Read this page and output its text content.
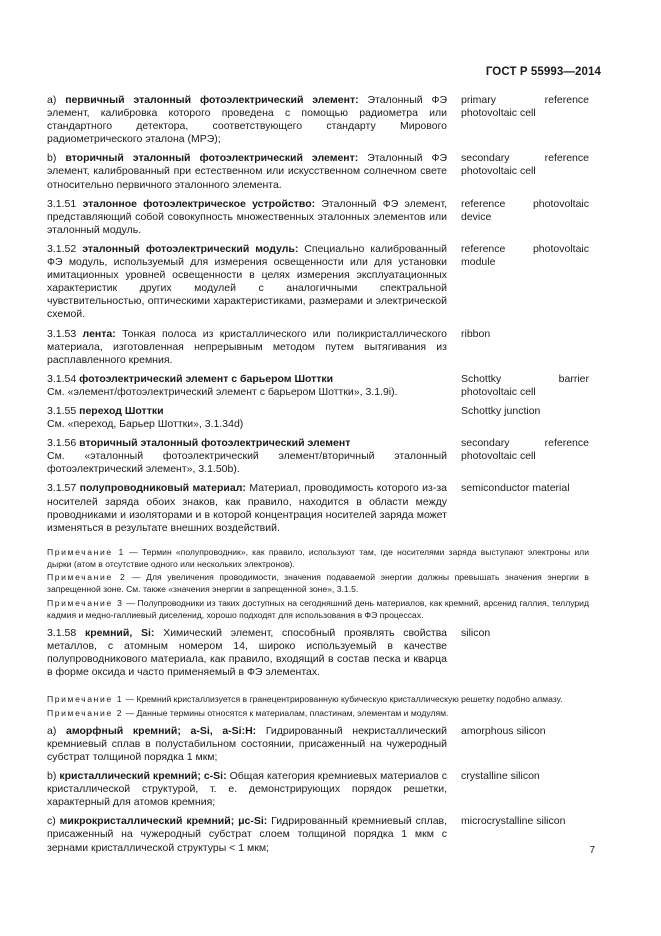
ГОСТ Р 55993—2014
а) первичный эталонный фотоэлектрический элемент: Эталонный ФЭ элемент, калибровка которого проведена с помощью радиометра или стандартного детектора, соответствующего стандарту Мирового радиометрического эталона (МРЭ);
primary reference photovoltaic cell
b) вторичный эталонный фотоэлектрический элемент: Эталонный ФЭ элемент, калиброванный при естественном или искусственном солнечном свете относительно первичного эталонного элемента.
secondary reference photovoltaic cell
3.1.51 эталонное фотоэлектрическое устройство: Эталонный ФЭ элемент, представляющий собой совокупность множественных эталонных элементов или эталонный модуль.
reference photovoltaic device
3.1.52 эталонный фотоэлектрический модуль: Специально калиброванный ФЭ модуль, используемый для измерения освещенности или для установки имитационных уровней освещенности в целях измерения эксплуатационных характеристик других модулей с аналогичными спектральной чувствительностью, оптическими характеристиками, размерами и электрической схемой.
reference photovoltaic module
3.1.53 лента: Тонкая полоса из кристаллического или поликристаллического материала, изготовленная непрерывным методом путем вытягивания из расплавленного кремния.
ribbon
3.1.54 фотоэлектрический элемент с барьером Шоттки
См. «элемент/фотоэлектрический элемент с барьером Шоттки», 3.1.9i).
Schottky barrier photovoltaic cell
3.1.55 переход Шоттки
См. «переход, Барьер Шоттки», 3.1.34d)
Schottky junction
3.1.56 вторичный эталонный фотоэлектрический элемент
См. «эталонный фотоэлектрический элемент/вторичный эталонный фотоэлектрический элемент», 3.1.50b).
secondary reference photovoltaic cell
3.1.57 полупроводниковый материал: Материал, проводимость которого из-за носителей заряда обоих знаков, как правило, находится в области между проводниками и изоляторами и в которой концентрация носителей заряда может изменяться в результате внешних воздействий.
semiconductor material

Примечание 1 — Термин «полупроводник», как правило, используют там, где носителями заряда выступают электроны или дырки (атом в отсутствие одного или нескольких электронов).

Примечание 2 — Для увеличения проводимости, значения подаваемой энергии должны превышать значения энергии в запрещенной зоне. См. также «значения энергии в запрещенной зоне», 3.1.5.

Примечание 3 — Полупроводники из таких доступных на сегодняшний день материалов, как кремний, арсенид галлия, теллурид кадмия и медно-галлиевый диселенид, хорошо подходят для использования в ФЭ процессах.

3.1.58 кремний, Si: Химический элемент, способный проявлять свойства металлов, с атомным номером 14, широко используемый в качестве полупроводникового материала, как правило, входящий в состав песка и кварца в форме оксида и часто применяемый в ФЭ элементах.
silicon

Примечание 1 — Кремний кристаллизуется в гранецентрированную кубическую кристаллическую решетку подобно алмазу.

Примечание 2 — Данные термины относятся к материалам, пластинам, элементам и модулям.

а) аморфный кремний; a-Si, a-Si:H: Гидрированный некристаллический кремниевый сплав в полустабильном состоянии, присаженный на чужеродный субстрат толщиной порядка 1 мкм;
amorphous silicon
b) кристаллический кремний; c-Si: Общая категория кремниевых материалов с кристаллической структурой, т. е. демонстрирующих порядок решетки, характерный для атомов кремния;
crystalline silicon
с) микрокристаллический кремний; μc-Si: Гидрированный кремниевый сплав, присаженный на чужеродный субстрат слоем толщиной порядка 1 мкм с зернами кристаллической структуры < 1 мкм;
microcrystalline silicon
7
